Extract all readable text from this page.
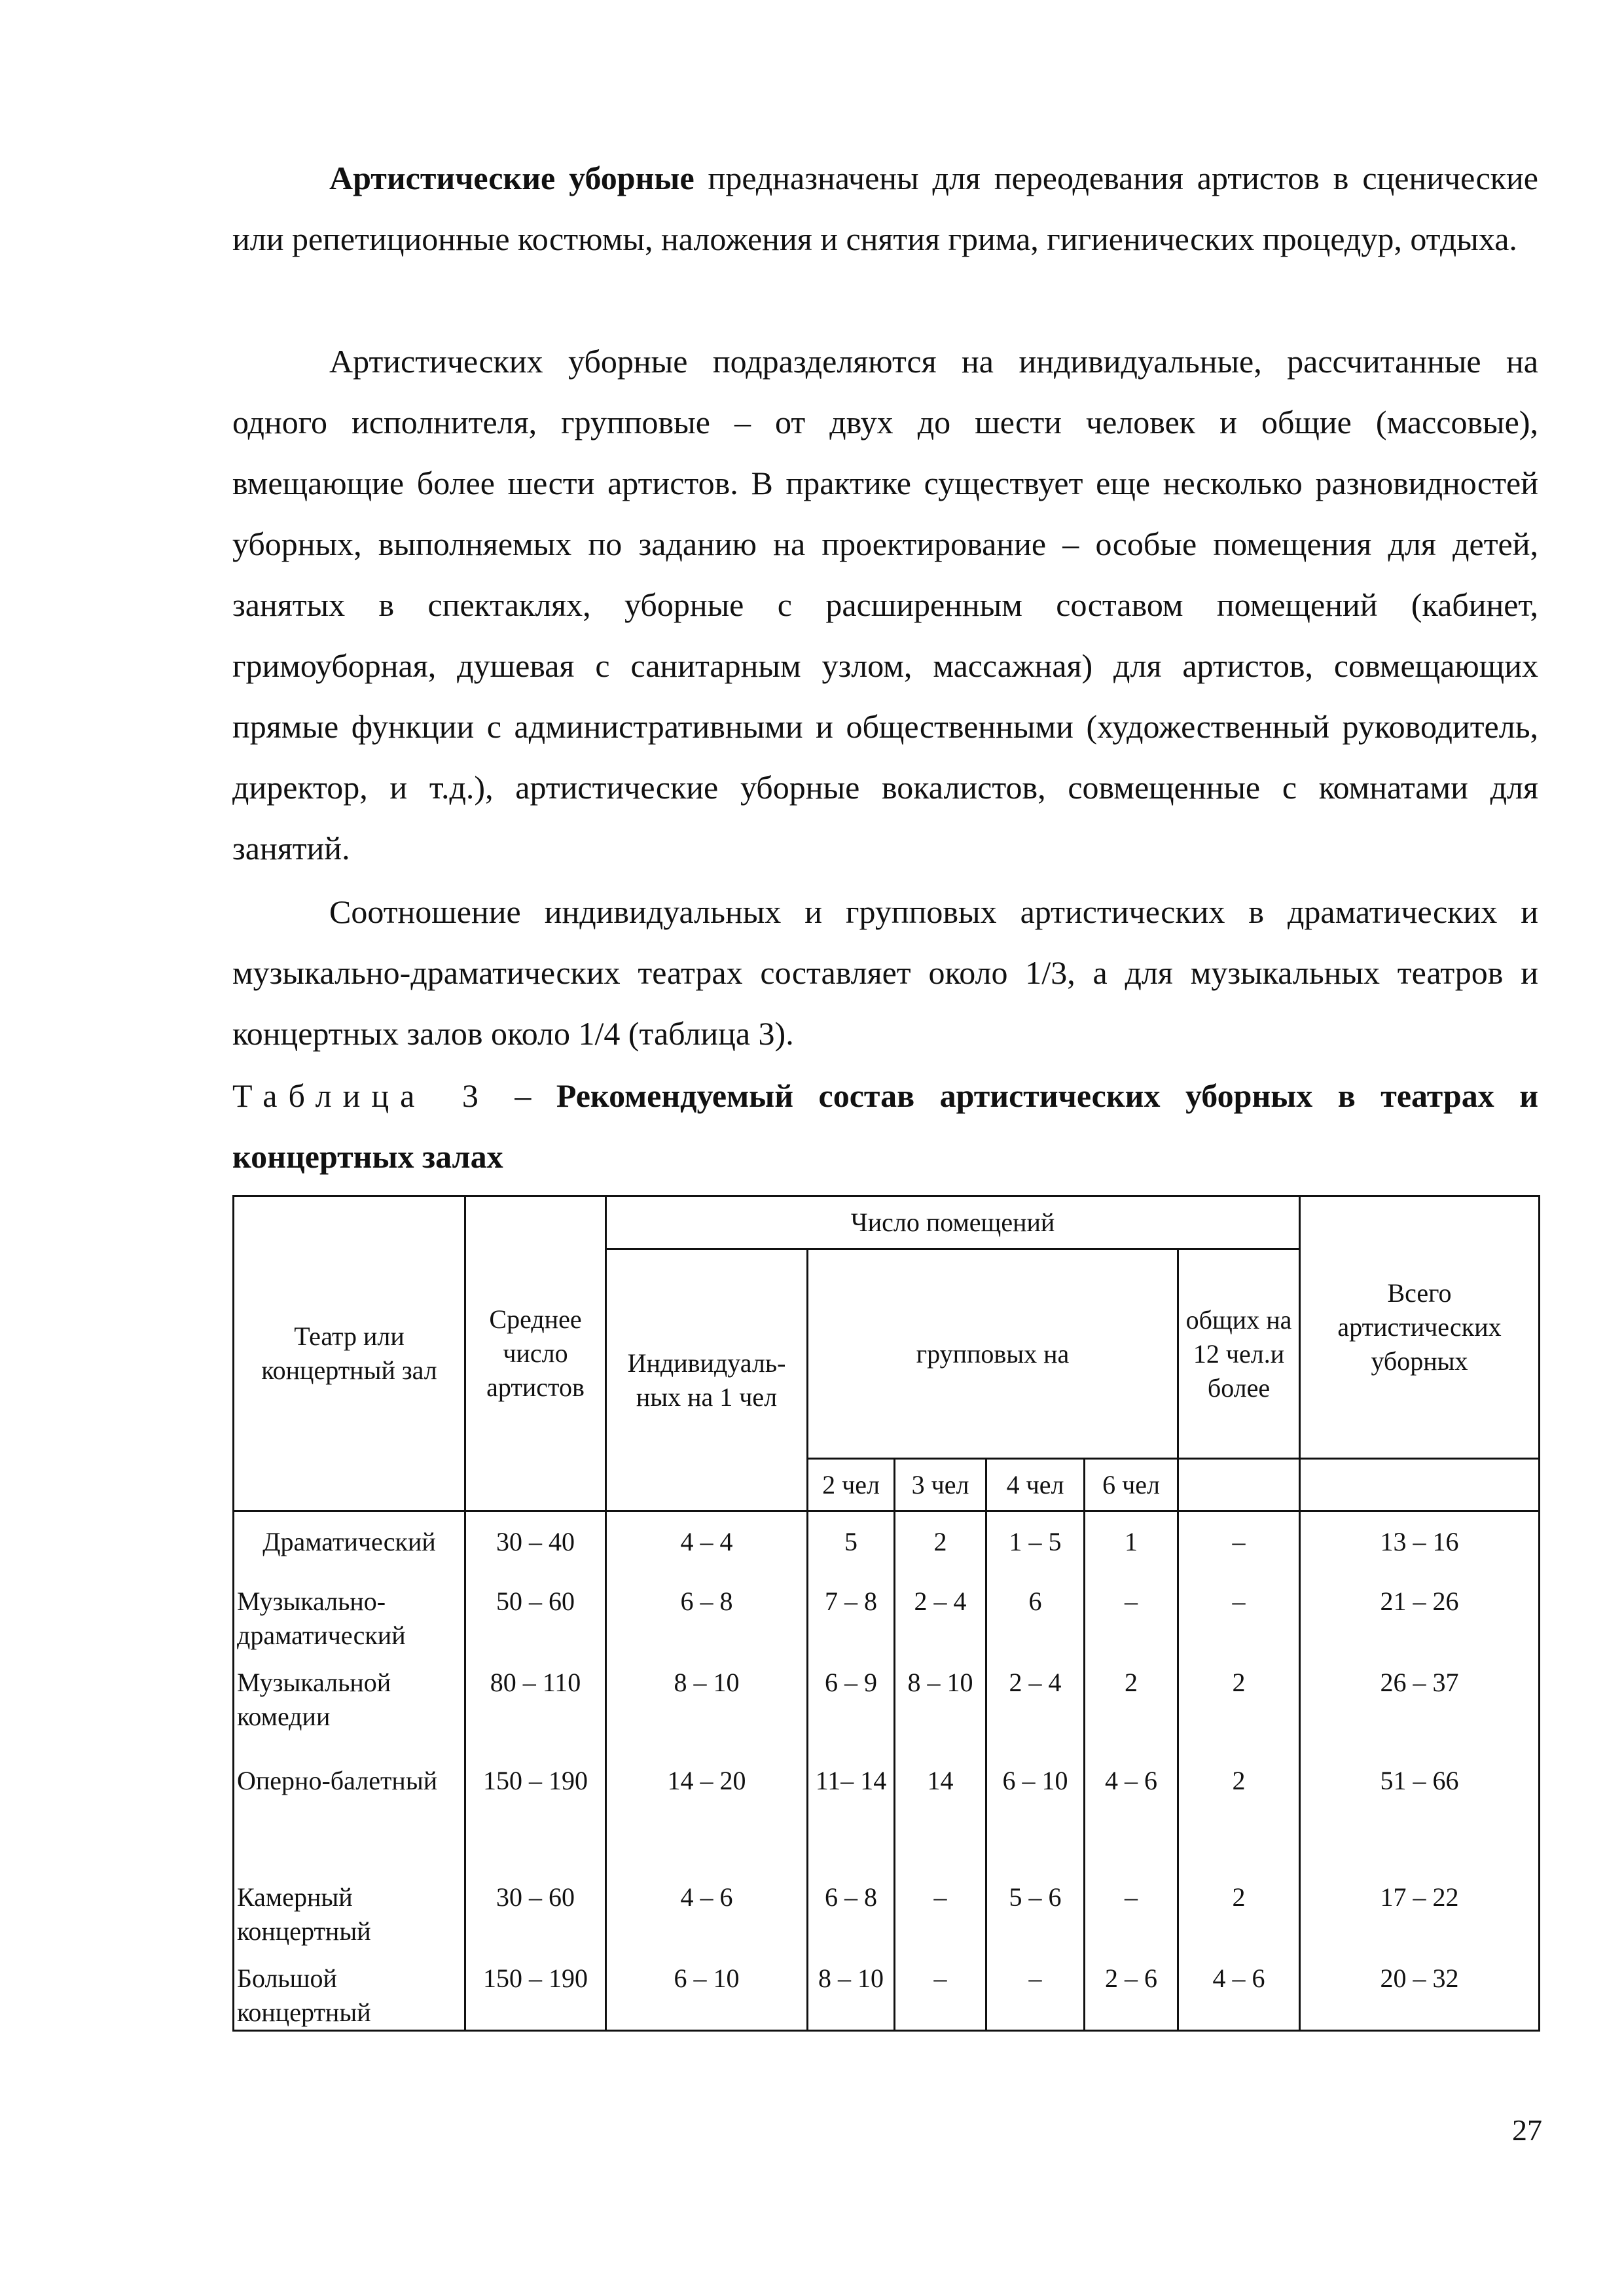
Артистические уборные предназначены для переодевания артистов в сценические или репетиционные костюмы, наложения и снятия грима, гигиенических процедур, отдыха.

Артистических уборные подразделяются на индивидуальные, рассчитанные на одного исполнителя, групповые – от двух до шести человек и общие (массовые), вмещающие более шести артистов. В практике существует еще несколько разновидностей уборных, выполняемых по заданию на проектирование – особые помещения для детей, занятых в спектаклях, уборные с расширенным составом помещений (кабинет, гримоуборная, душевая с санитарным узлом, массажная) для артистов, совмещающих прямые функции с административными и общественными (художественный руководитель, директор, и т.д.), артистические уборные вокалистов, совмещенные с комнатами для занятий.

Соотношение индивидуальных и групповых артистических в драматических и музыкально-драматических театрах составляет около 1/3, а для музыкальных театров и концертных залов около 1/4 (таблица 3).

Таблица 3 – Рекомендуемый состав артистических уборных в театрах и концертных залах

Театр или концертный зал	Среднее число артистов	Число помещений						Всего артистических уборных
		Индивидуаль-ных на 1 чел	групповых на				общих на 12 чел.и более	
			2 чел	3 чел	4 чел	6 чел		
Драматический	30 – 40	4 – 4	5	2	1 – 5	1	–	13 – 16
Музыкально-драматический	50 – 60	6 – 8	7 – 8	2 – 4	6	–	–	21 – 26
Музыкальной комедии	80 – 110	8 – 10	6 – 9	8 – 10	2 – 4	2	2	26 – 37
Оперно-балетный	150 – 190	14 – 20	11– 14	14	6 – 10	4 – 6	2	51 – 66
Камерный концертный	30 – 60	4 – 6	6 – 8	–	5 – 6	–	2	17 – 22
Большой концертный	150 – 190	6 – 10	8 – 10	–	–	2 – 6	4 – 6	20 – 32
27
